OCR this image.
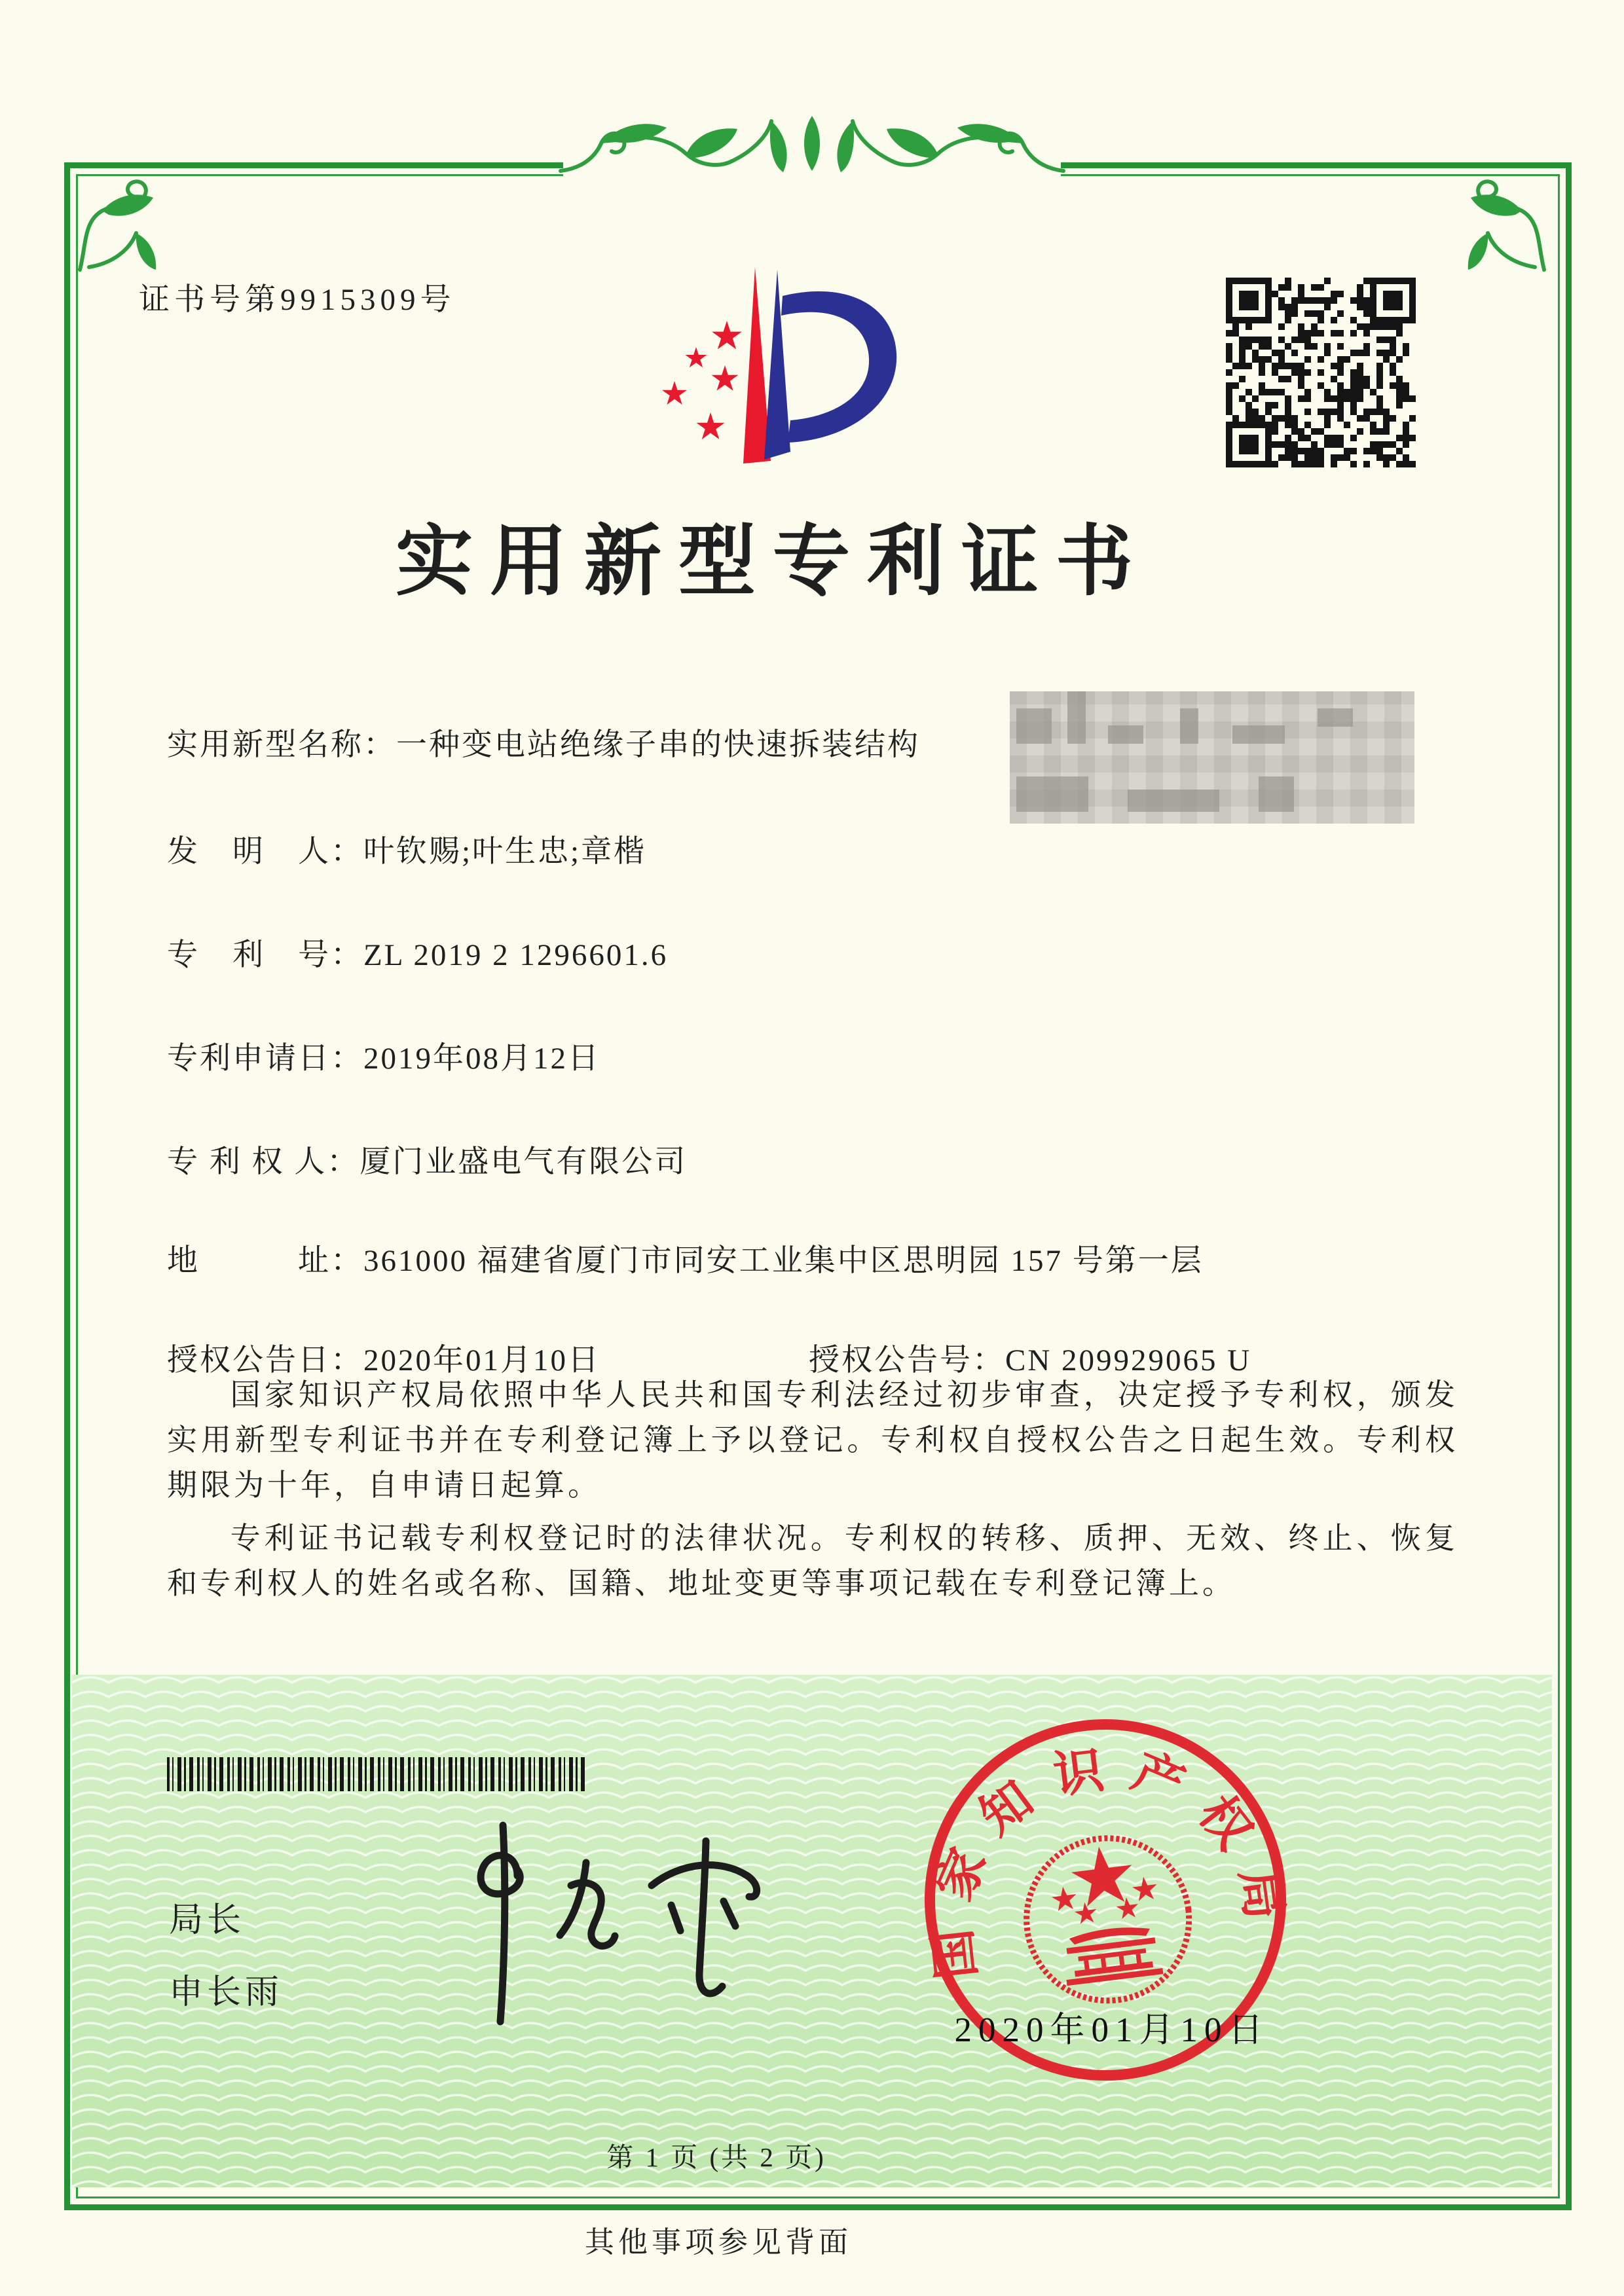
证书号第9915309号
实用新型专利证书
实用新型名称：一种变电站绝缘子串的快速拆装结构
发　明　人：叶钦赐;叶生忠;章楷
专　利　号：ZL 2019 2 1296601.6
专利申请日：2019年08月12日
专 利 权 人：厦门业盛电气有限公司
地　　　址：361000 福建省厦门市同安工业集中区思明园 157 号第一层
授权公告日：2020年01月10日	授权公告号：CN 209929065 U

国家知识产权局依照中华人民共和国专利法经过初步审查，决定授予专利权，颁发实用新型专利证书并在专利登记簿上予以登记。专利权自授权公告之日起生效。专利权期限为十年，自申请日起算。

专利证书记载专利权登记时的法律状况。专利权的转移、质押、无效、终止、恢复和专利权人的姓名或名称、国籍、地址变更等事项记载在专利登记簿上。

局长
申长雨
国家知识产权局
2020年01月10日
第 1 页 (共 2 页)
其他事项参见背面
